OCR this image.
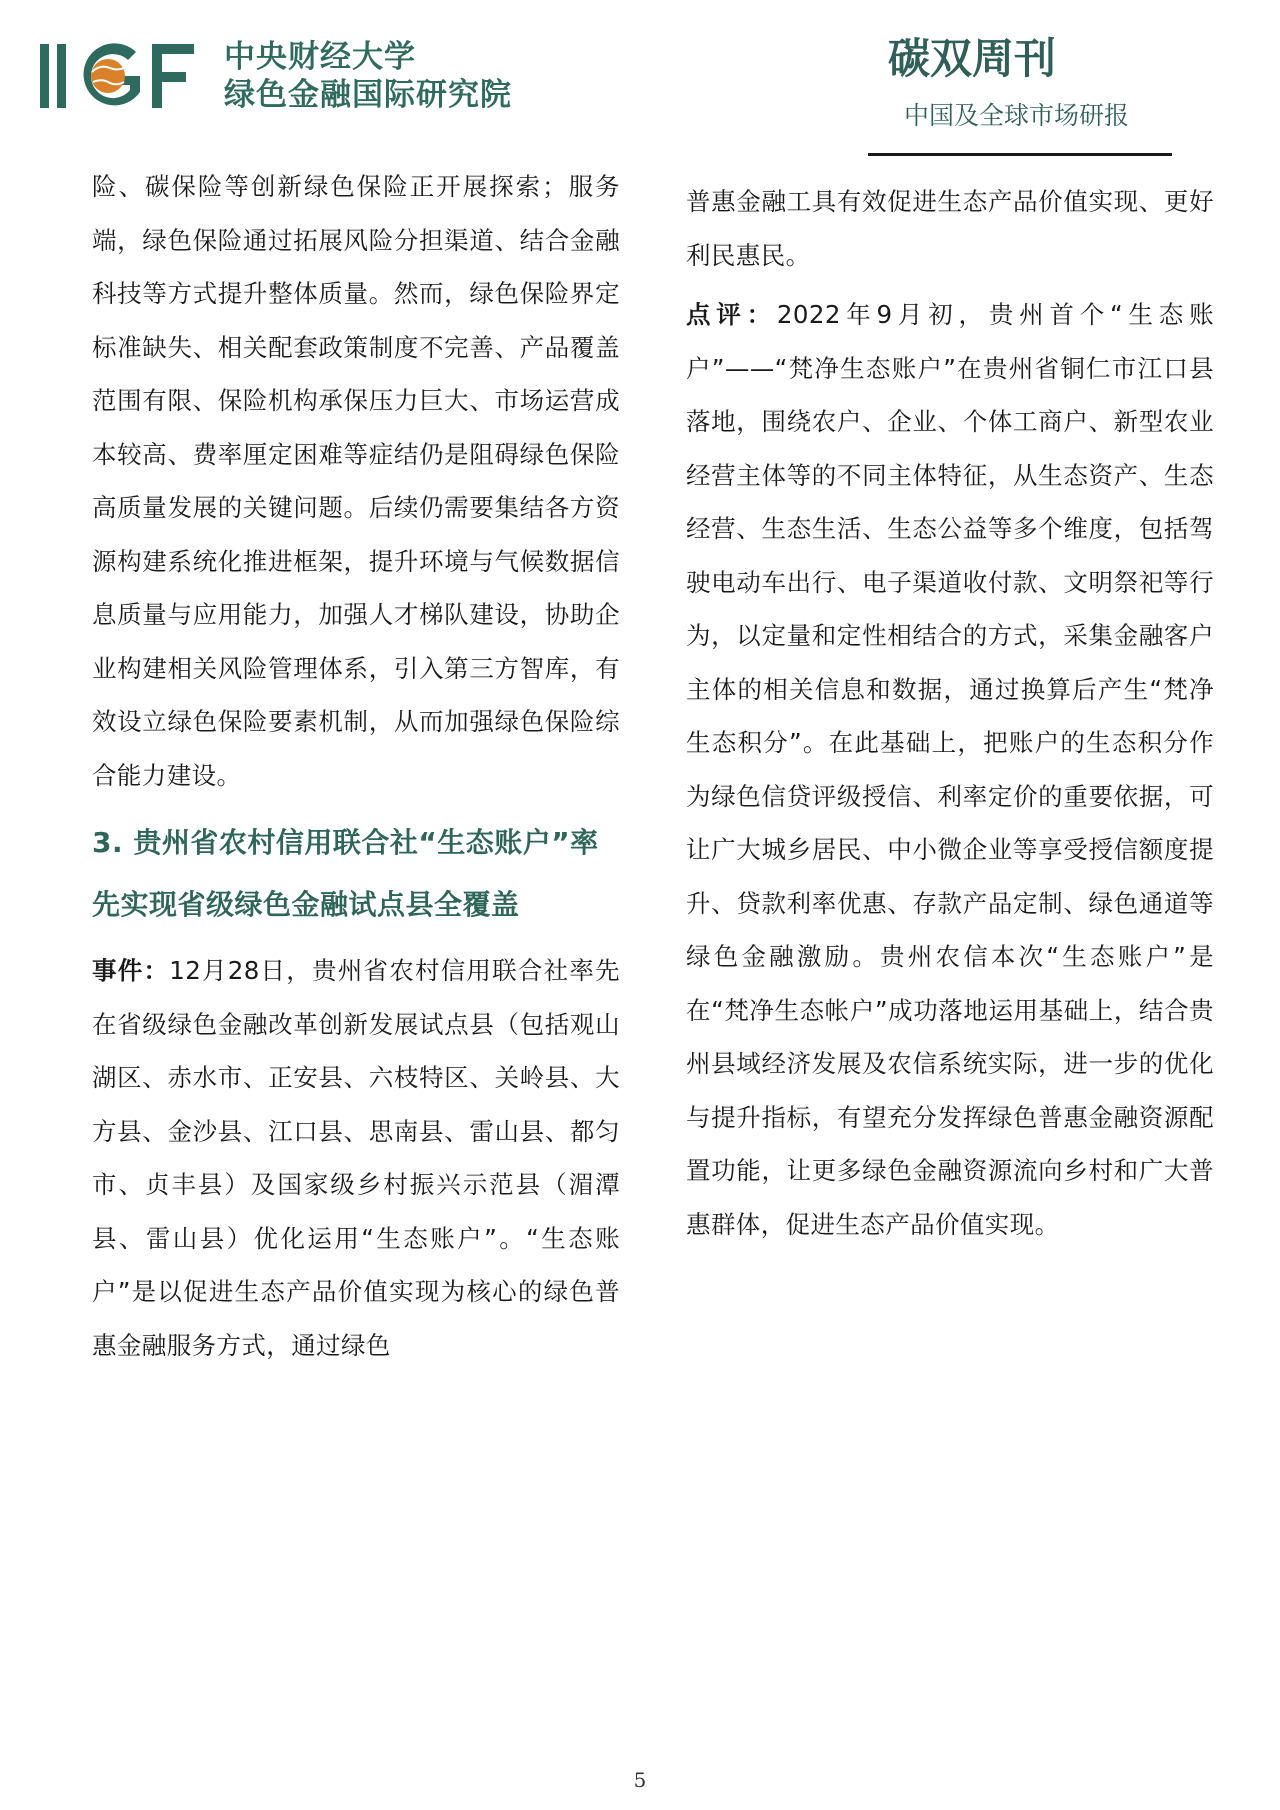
中央财经大学
绿色金融国际研究院
碳双周刊
中国及全球市场研报

险、碳保险等创新绿色保险正开展探索；服务端，绿色保险通过拓展风险分担渠道、结合金融科技等方式提升整体质量。然而，绿色保险界定标准缺失、相关配套政策制度不完善、产品覆盖范围有限、保险机构承保压力巨大、市场运营成本较高、费率厘定困难等症结仍是阻碍绿色保险高质量发展的关键问题。后续仍需要集结各方资源构建系统化推进框架，提升环境与气候数据信息质量与应用能力，加强人才梯队建设，协助企业构建相关风险管理体系，引入第三方智库，有效设立绿色保险要素机制，从而加强绿色保险综合能力建设。

3. 贵州省农村信用联合社“生态账户”率先实现省级绿色金融试点县全覆盖

事件：12月28日，贵州省农村信用联合社率先在省级绿色金融改革创新发展试点县（包括观山湖区、赤水市、正安县、六枝特区、关岭县、大方县、金沙县、江口县、思南县、雷山县、都匀市、贞丰县）及国家级乡村振兴示范县（湄潭县、雷山县）优化运用“生态账户”。“生态账户”是以促进生态产品价值实现为核心的绿色普惠金融服务方式，通过绿色

普惠金融工具有效促进生态产品价值实现、更好利民惠民。

点评：2022年9月初，贵州首个“生态账户”——“梵净生态账户”在贵州省铜仁市江口县落地，围绕农户、企业、个体工商户、新型农业经营主体等的不同主体特征，从生态资产、生态经营、生态生活、生态公益等多个维度，包括驾驶电动车出行、电子渠道收付款、文明祭祀等行为，以定量和定性相结合的方式，采集金融客户主体的相关信息和数据，通过换算后产生“梵净生态积分”。在此基础上，把账户的生态积分作为绿色信贷评级授信、利率定价的重要依据，可让广大城乡居民、中小微企业等享受授信额度提升、贷款利率优惠、存款产品定制、绿色通道等绿色金融激励。贵州农信本次“生态账户”是在“梵净生态帐户”成功落地运用基础上，结合贵州县域经济发展及农信系统实际，进一步的优化与提升指标，有望充分发挥绿色普惠金融资源配置功能，让更多绿色金融资源流向乡村和广大普惠群体，促进生态产品价值实现。

5
